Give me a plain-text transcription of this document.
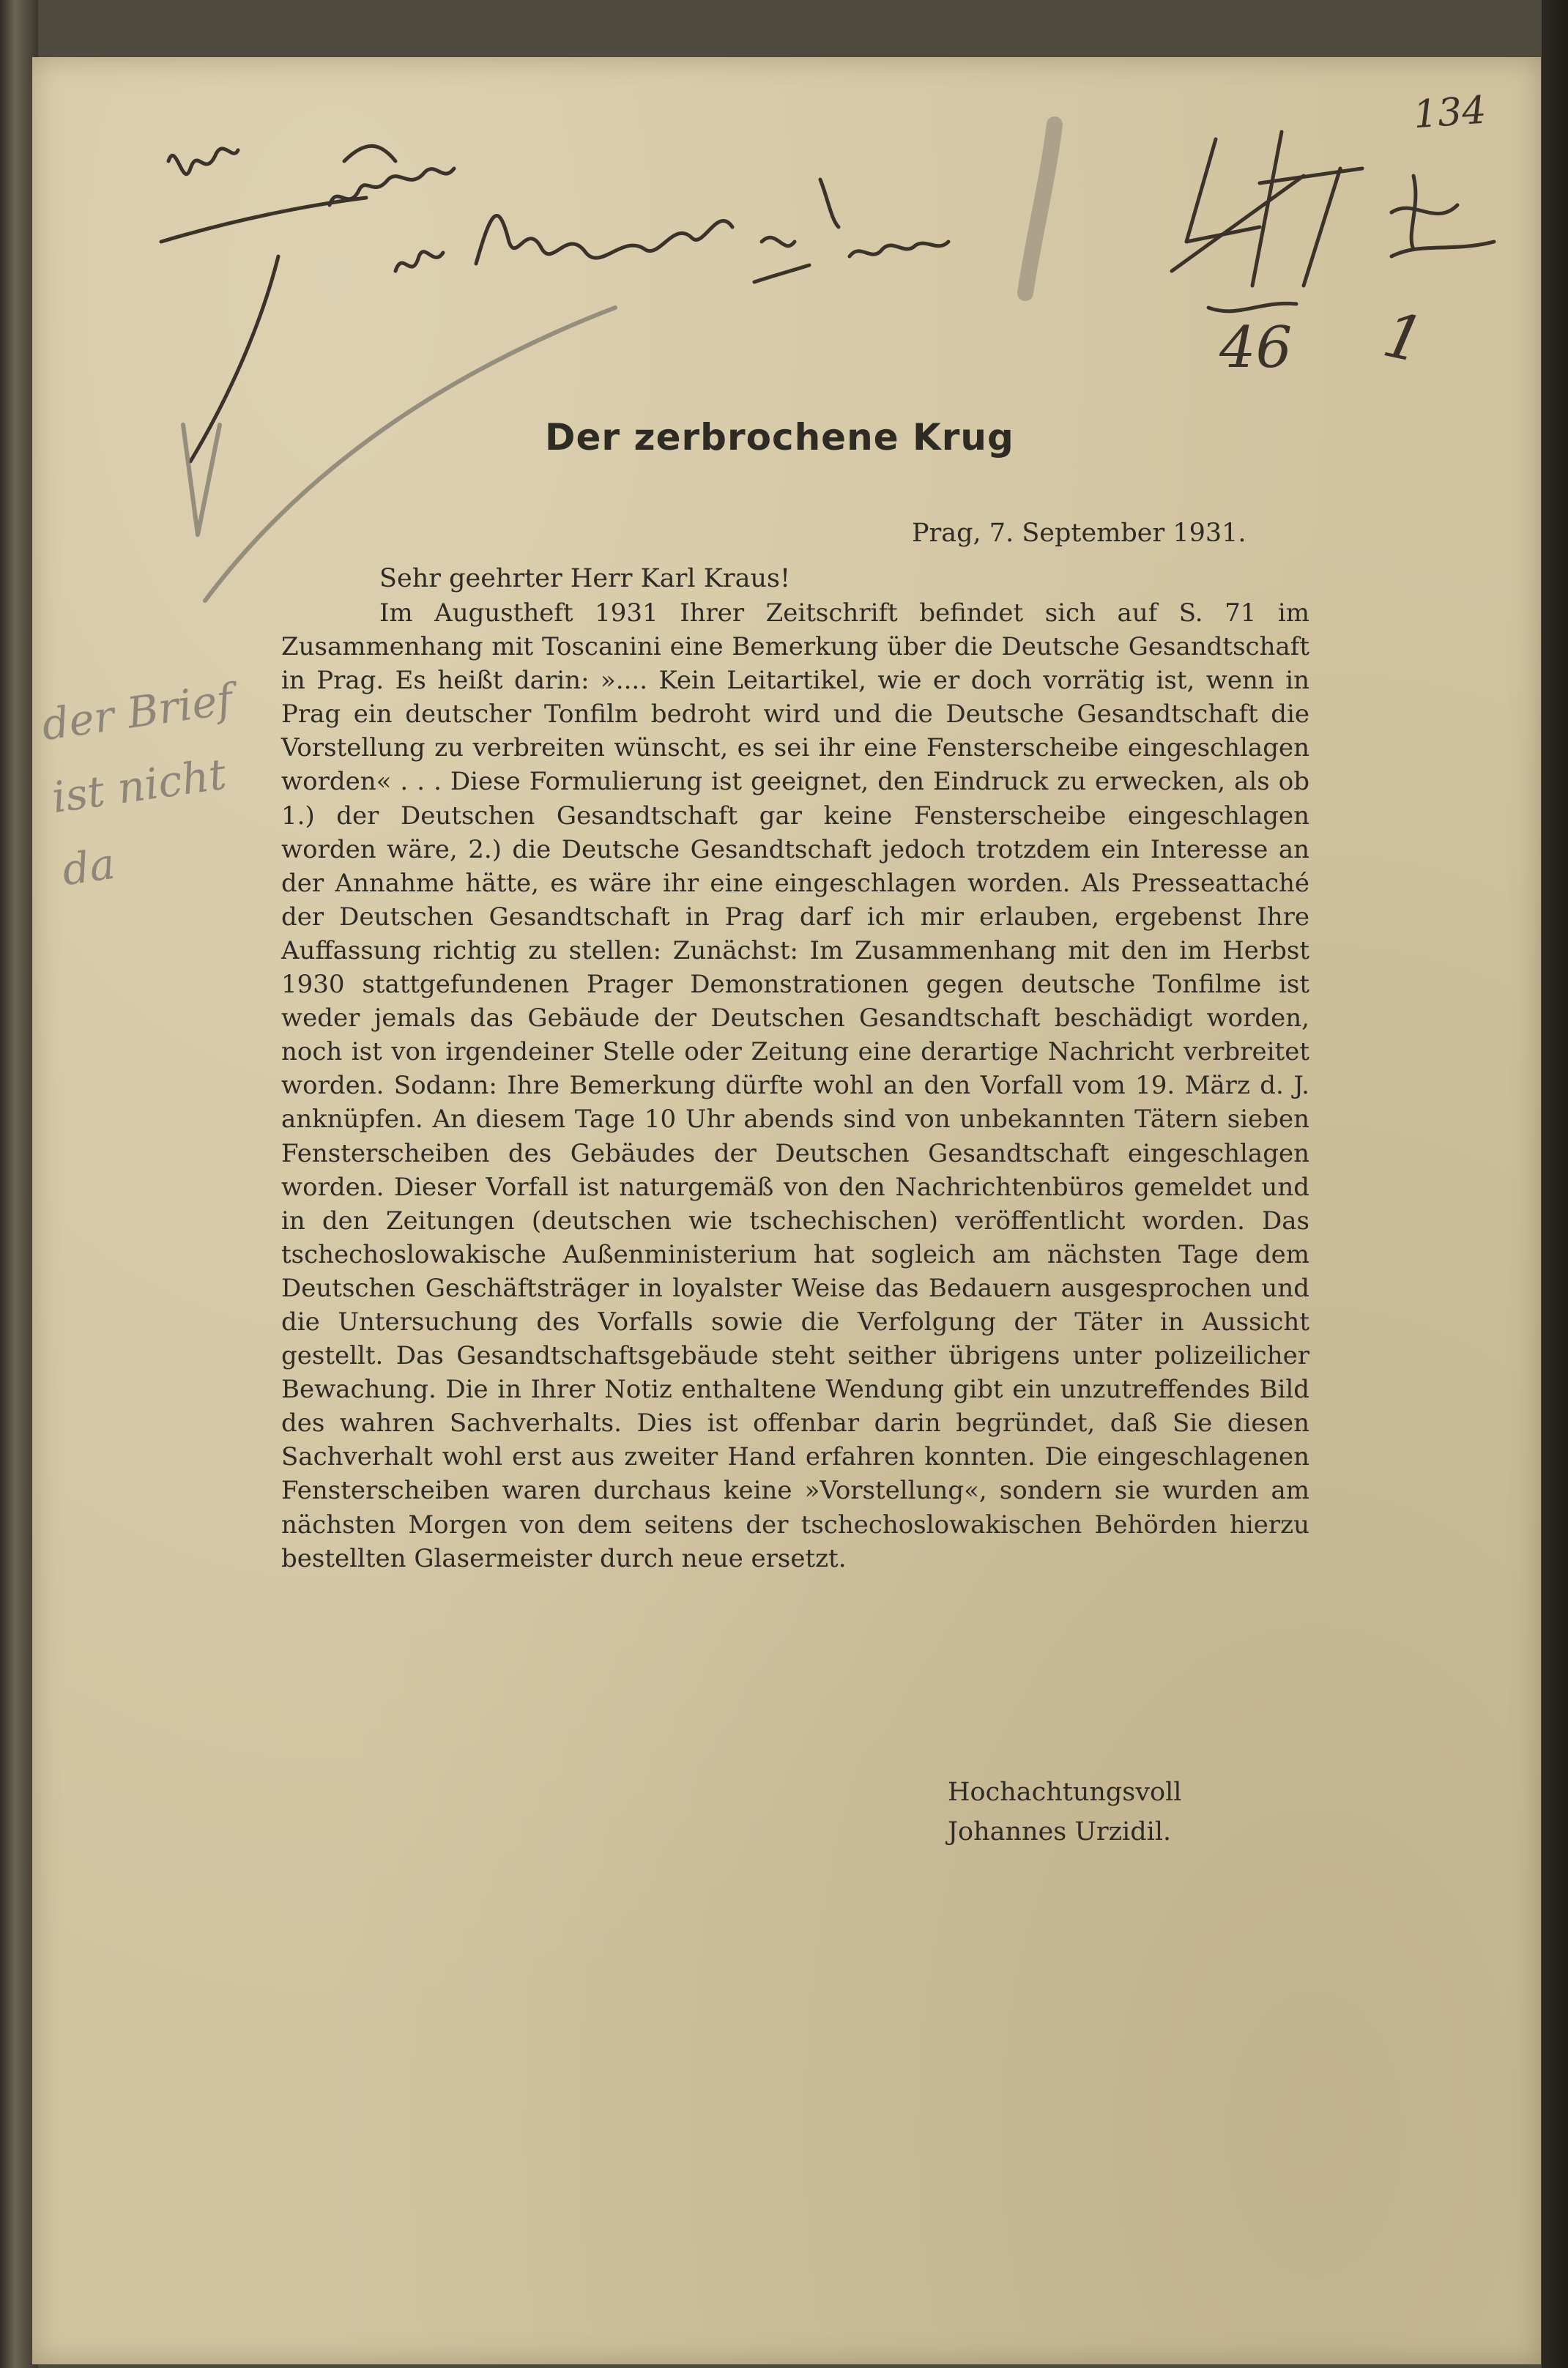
134
46 1
der Brief ist nicht da
Der zerbrochene Krug
Prag, 7. September 1931.
Sehr geehrter Herr Karl Kraus!

Im Augustheft 1931 Ihrer Zeitschrift befindet sich auf S. 71 im Zusammenhang mit Toscanini eine Bemerkung über die Deutsche Gesandtschaft in Prag. Es heißt darin: ».... Kein Leitartikel, wie er doch vorrätig ist, wenn in Prag ein deutscher Tonfilm bedroht wird und die Deutsche Gesandtschaft die Vorstellung zu verbreiten wünscht, es sei ihr eine Fensterscheibe eingeschlagen worden« . . . Diese Formulierung ist geeignet, den Eindruck zu erwecken, als ob 1.) der Deutschen Gesandtschaft gar keine Fensterscheibe eingeschlagen worden wäre, 2.) die Deutsche Gesandtschaft jedoch trotzdem ein Interesse an der Annahme hätte, es wäre ihr eine eingeschlagen worden. Als Presseattaché der Deutschen Gesandtschaft in Prag darf ich mir erlauben, ergebenst Ihre Auffassung richtig zu stellen: Zunächst: Im Zusammenhang mit den im Herbst 1930 stattgefundenen Prager Demonstrationen gegen deutsche Tonfilme ist weder jemals das Gebäude der Deutschen Gesandtschaft beschädigt worden, noch ist von irgendeiner Stelle oder Zeitung eine derartige Nachricht verbreitet worden. Sodann: Ihre Bemerkung dürfte wohl an den Vorfall vom 19. März d. J. anknüpfen. An diesem Tage 10 Uhr abends sind von unbekannten Tätern sieben Fensterscheiben des Gebäudes der Deutschen Gesandtschaft eingeschlagen worden. Dieser Vorfall ist naturgemäß von den Nachrichtenbüros gemeldet und in den Zeitungen (deutschen wie tschechischen) veröffentlicht worden. Das tschechoslowakische Außenministerium hat sogleich am nächsten Tage dem Deutschen Geschäftsträger in loyalster Weise das Bedauern ausgesprochen und die Untersuchung des Vorfalls sowie die Verfolgung der Täter in Aussicht gestellt. Das Gesandtschaftsgebäude steht seither übrigens unter polizeilicher Bewachung. Die in Ihrer Notiz enthaltene Wendung gibt ein unzutreffendes Bild des wahren Sachverhalts. Dies ist offenbar darin begründet, daß Sie diesen Sachverhalt wohl erst aus zweiter Hand erfahren konnten. Die eingeschlagenen Fensterscheiben waren durchaus keine »Vorstellung«, sondern sie wurden am nächsten Morgen von dem seitens der tschechoslowakischen Behörden hierzu bestellten Glasermeister durch neue ersetzt.

Hochachtungsvoll
Johannes Urzidil.
